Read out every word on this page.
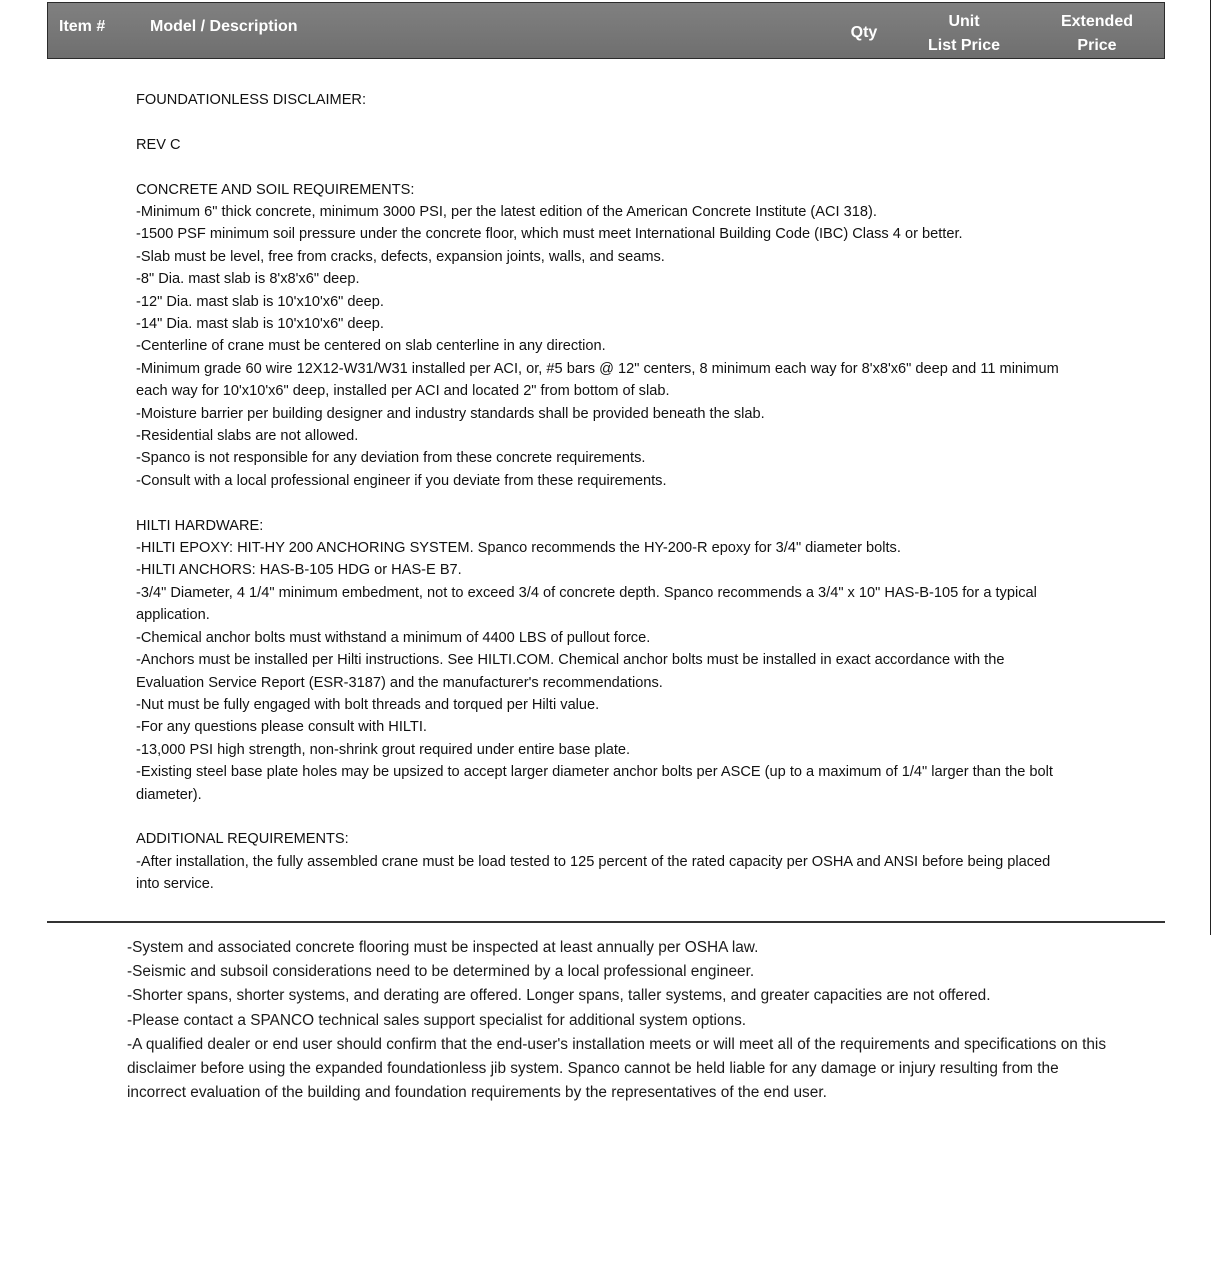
Item #	Model / Description	Qty
Unit
List Price
Extended
Price

FOUNDATIONLESS DISCLAIMER:

REV C

CONCRETE AND SOIL REQUIREMENTS:

-Minimum 6" thick concrete, minimum 3000 PSI, per the latest edition of the American Concrete Institute (ACI 318).

-1500 PSF minimum soil pressure under the concrete floor, which must meet International Building Code (IBC) Class 4 or better.

-Slab must be level, free from cracks, defects, expansion joints, walls, and seams.

-8" Dia. mast slab is 8'x8'x6" deep.

-12" Dia. mast slab is 10'x10'x6" deep.

-14" Dia. mast slab is 10'x10'x6" deep.

-Centerline of crane must be centered on slab centerline in any direction.

-Minimum grade 60 wire 12X12-W31/W31 installed per ACI, or, #5 bars @ 12" centers, 8 minimum each way for 8'x8'x6" deep and 11 minimum each way for 10'x10'x6" deep, installed per ACI and located 2" from bottom of slab.

-Moisture barrier per building designer and industry standards shall be provided beneath the slab.

-Residential slabs are not allowed.

-Spanco is not responsible for any deviation from these concrete requirements.

-Consult with a local professional engineer if you deviate from these requirements.

HILTI HARDWARE:

-HILTI EPOXY: HIT-HY 200 ANCHORING SYSTEM. Spanco recommends the HY-200-R epoxy for 3/4" diameter bolts.

-HILTI ANCHORS: HAS-B-105 HDG or HAS-E B7.

-3/4" Diameter, 4 1/4" minimum embedment, not to exceed 3/4 of concrete depth. Spanco recommends a 3/4" x 10" HAS-B-105 for a typical application.

-Chemical anchor bolts must withstand a minimum of 4400 LBS of pullout force.

-Anchors must be installed per Hilti instructions. See HILTI.COM. Chemical anchor bolts must be installed in exact accordance with the Evaluation Service Report (ESR-3187) and the manufacturer's recommendations.

-Nut must be fully engaged with bolt threads and torqued per Hilti value.

-For any questions please consult with HILTI.

-13,000 PSI high strength, non-shrink grout required under entire base plate.

-Existing steel base plate holes may be upsized to accept larger diameter anchor bolts per ASCE (up to a maximum of 1/4" larger than the bolt diameter).

ADDITIONAL REQUIREMENTS:

-After installation, the fully assembled crane must be load tested to 125 percent of the rated capacity per OSHA and ANSI before being placed into service.

-System and associated concrete flooring must be inspected at least annually per OSHA law.

-Seismic and subsoil considerations need to be determined by a local professional engineer.

-Shorter spans, shorter systems, and derating are offered. Longer spans, taller systems, and greater capacities are not offered.

-Please contact a SPANCO technical sales support specialist for additional system options.

-A qualified dealer or end user should confirm that the end-user's installation meets or will meet all of the requirements and specifications on this disclaimer before using the expanded foundationless jib system. Spanco cannot be held liable for any damage or injury resulting from the incorrect evaluation of the building and foundation requirements by the representatives of the end user.
